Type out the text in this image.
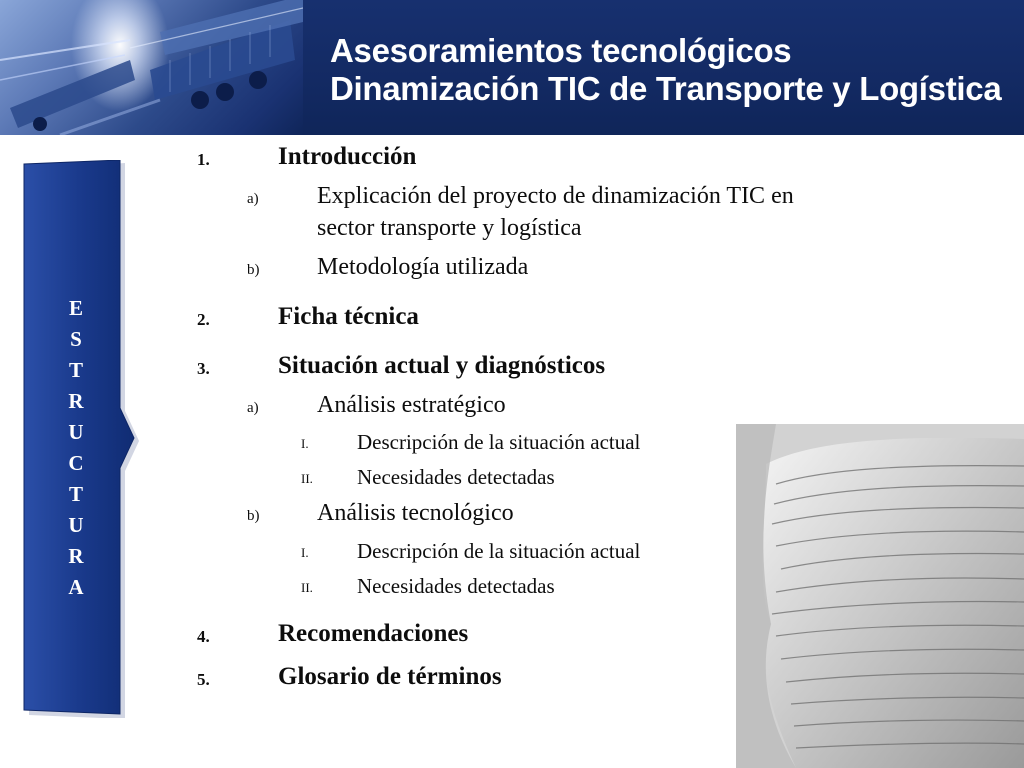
Asesoramientos tecnológicos
Dinamización TIC de Transporte y Logística
E
S
T
R
U
C
T
U
R
A
1.	Introducción
a) Explicación del proyecto de dinamización TIC en
sector transporte y logística
b) Metodología utilizada
2.	Ficha técnica
3.	Situación actual y diagnósticos
a) Análisis estratégico
I. Descripción de la situación actual
II. Necesidades detectadas
b) Análisis tecnológico
I. Descripción de la situación actual
II. Necesidades detectadas
4.	Recomendaciones
5.	Glosario de términos
